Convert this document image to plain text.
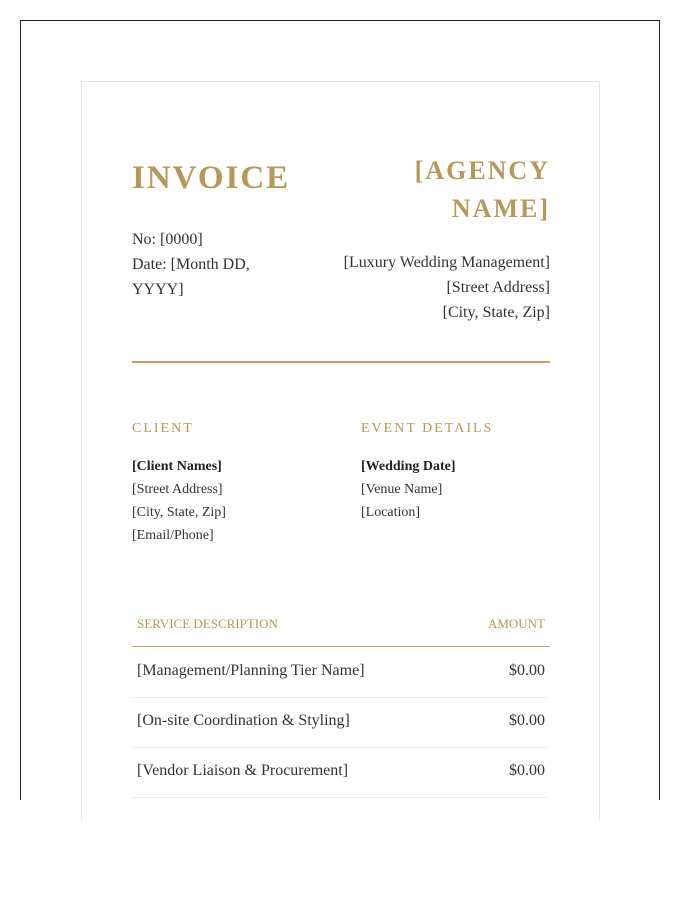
INVOICE	[AGENCY NAME]
No: [0000]
Date: [Month DD, YYYY]
[Luxury Wedding Management]
[Street Address]
[City, State, Zip]
CLIENT	EVENT DETAILS
[Client Names]
[Street Address]
[City, State, Zip]
[Email/Phone]
[Wedding Date]
[Venue Name]
[Location]
SERVICE DESCRIPTION	AMOUNT
[Management/Planning Tier Name]	$0.00
[On-site Coordination & Styling]	$0.00
[Vendor Liaison & Procurement]	$0.00
